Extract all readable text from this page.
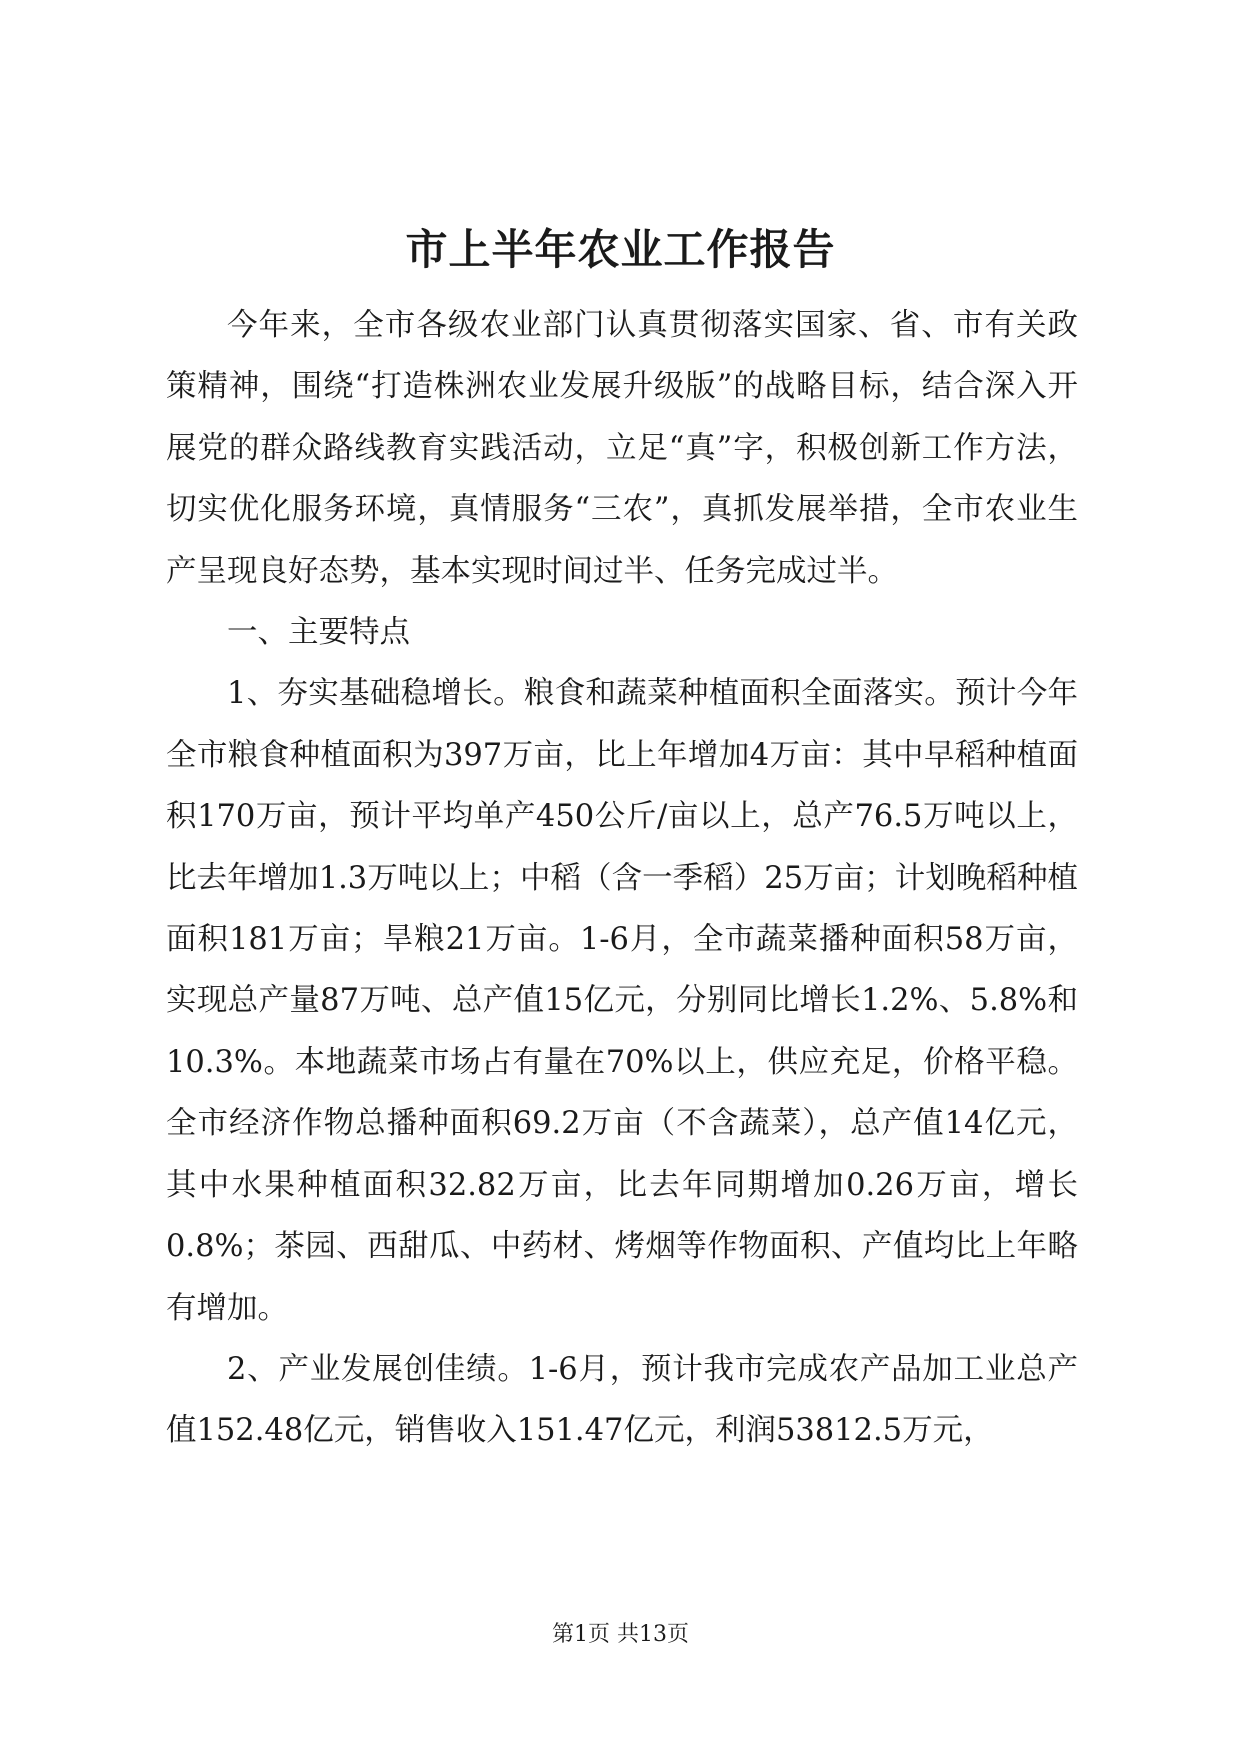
市上半年农业工作报告

今年来，全市各级农业部门认真贯彻落实国家、省、市有关政策精神，围绕“打造株洲农业发展升级版”的战略目标，结合深入开展党的群众路线教育实践活动，立足“真”字，积极创新工作方法，切实优化服务环境，真情服务“三农”，真抓发展举措，全市农业生产呈现良好态势，基本实现时间过半、任务完成过半。

一、主要特点

1、夯实基础稳增长。粮食和蔬菜种植面积全面落实。预计今年全市粮食种植面积为397万亩，比上年增加4万亩：其中早稻种植面积170万亩，预计平均单产450公斤/亩以上，总产76.5万吨以上，比去年增加1.3万吨以上；中稻（含一季稻）25万亩；计划晚稻种植面积181万亩；旱粮21万亩。1-6月，全市蔬菜播种面积58万亩，实现总产量87万吨、总产值15亿元，分别同比增长1.2%、5.8%和10.3%。本地蔬菜市场占有量在70%以上，供应充足，价格平稳。全市经济作物总播种面积69.2万亩（不含蔬菜），总产值14亿元，其中水果种植面积32.82万亩，比去年同期增加0.26万亩，增长0.8%；茶园、西甜瓜、中药材、烤烟等作物面积、产值均比上年略有增加。

2、产业发展创佳绩。1-6月，预计我市完成农产品加工业总产值152.48亿元，销售收入151.47亿元，利润53812.5万元，

第1页 共13页
